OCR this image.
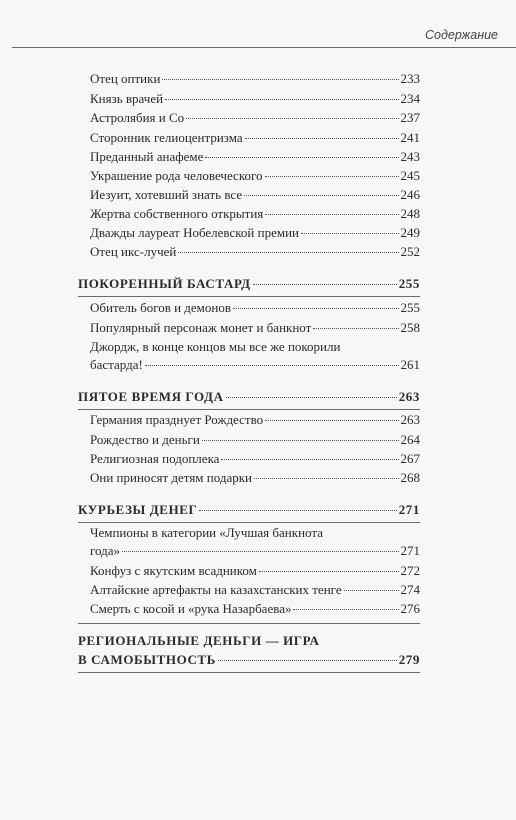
Содержание
Отец оптики	233
Князь врачей	234
Астролябия и Со	237
Сторонник гелиоцентризма	241
Преданный анафеме	243
Украшение рода человеческого	245
Иезуит, хотевший знать все	246
Жертва собственного открытия	248
Дважды лауреат Нобелевской премии	249
Отец икс-лучей	252
ПОКОРЕННЫЙ БАСТАРД	255
Обитель богов и демонов	255
Популярный персонаж монет и банкнот	258
Джордж, в конце концов мы все же покорили
бастарда!	261
ПЯТОЕ ВРЕМЯ ГОДА	263
Германия празднует Рождество	263
Рождество и деньги	264
Религиозная подоплека	267
Они приносят детям подарки	268
КУРЬЕЗЫ ДЕНЕГ	271
Чемпионы в категории «Лучшая банкнота
года»	271
Конфуз с якутским всадником	272
Алтайские артефакты на казахстанских тенге	274
Смерть с косой и «рука Назарбаева»	276
РЕГИОНАЛЬНЫЕ ДЕНЬГИ — ИГРА
В САМОБЫТНОСТЬ	279
